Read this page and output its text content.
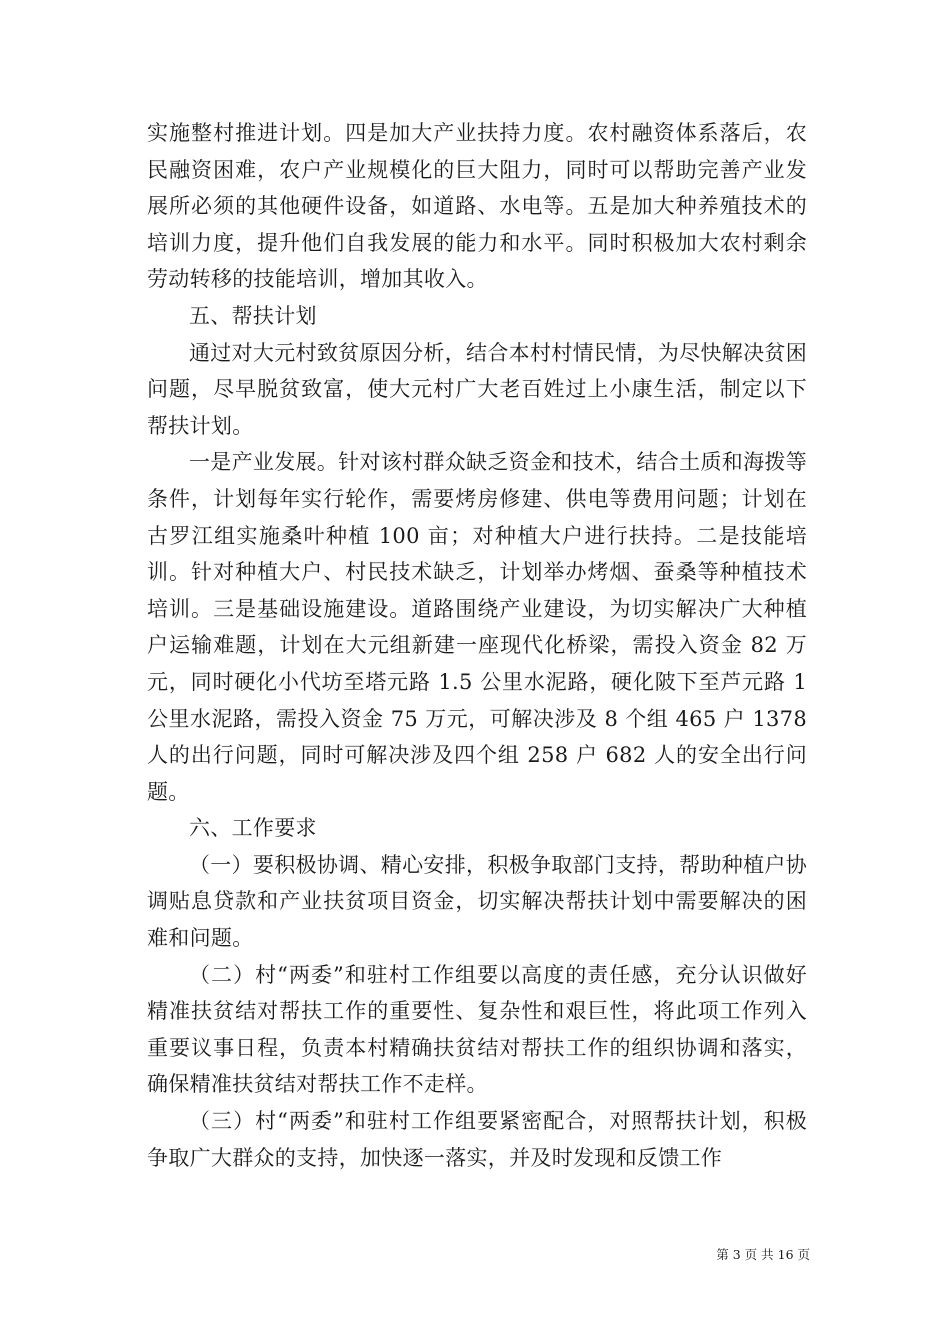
实施整村推进计划。四是加大产业扶持力度。农村融资体系落后，农民融资困难，农户产业规模化的巨大阻力，同时可以帮助完善产业发展所必须的其他硬件设备，如道路、水电等。五是加大种养殖技术的培训力度，提升他们自我发展的能力和水平。同时积极加大农村剩余劳动转移的技能培训，增加其收入。

五、帮扶计划

通过对大元村致贫原因分析，结合本村村情民情，为尽快解决贫困问题，尽早脱贫致富，使大元村广大老百姓过上小康生活，制定以下帮扶计划。

一是产业发展。针对该村群众缺乏资金和技术，结合土质和海拨等条件，计划每年实行轮作，需要烤房修建、供电等费用问题；计划在古罗江组实施桑叶种植 100 亩；对种植大户进行扶持。二是技能培训。针对种植大户、村民技术缺乏，计划举办烤烟、蚕桑等种植技术培训。三是基础设施建设。道路围绕产业建设，为切实解决广大种植户运输难题，计划在大元组新建一座现代化桥梁，需投入资金 82 万元，同时硬化小代坊至塔元路 1.5 公里水泥路，硬化陂下至芦元路 1 公里水泥路，需投入资金 75 万元，可解决涉及 8 个组 465 户 1378 人的出行问题，同时可解决涉及四个组 258 户 682 人的安全出行问题。

六、工作要求

（一）要积极协调、精心安排，积极争取部门支持，帮助种植户协调贴息贷款和产业扶贫项目资金，切实解决帮扶计划中需要解决的困难和问题。

（二）村“两委”和驻村工作组要以高度的责任感，充分认识做好精准扶贫结对帮扶工作的重要性、复杂性和艰巨性，将此项工作列入重要议事日程，负责本村精确扶贫结对帮扶工作的组织协调和落实，确保精准扶贫结对帮扶工作不走样。

（三）村“两委”和驻村工作组要紧密配合，对照帮扶计划，积极争取广大群众的支持，加快逐一落实，并及时发现和反馈工作

第 3 页 共 16 页
